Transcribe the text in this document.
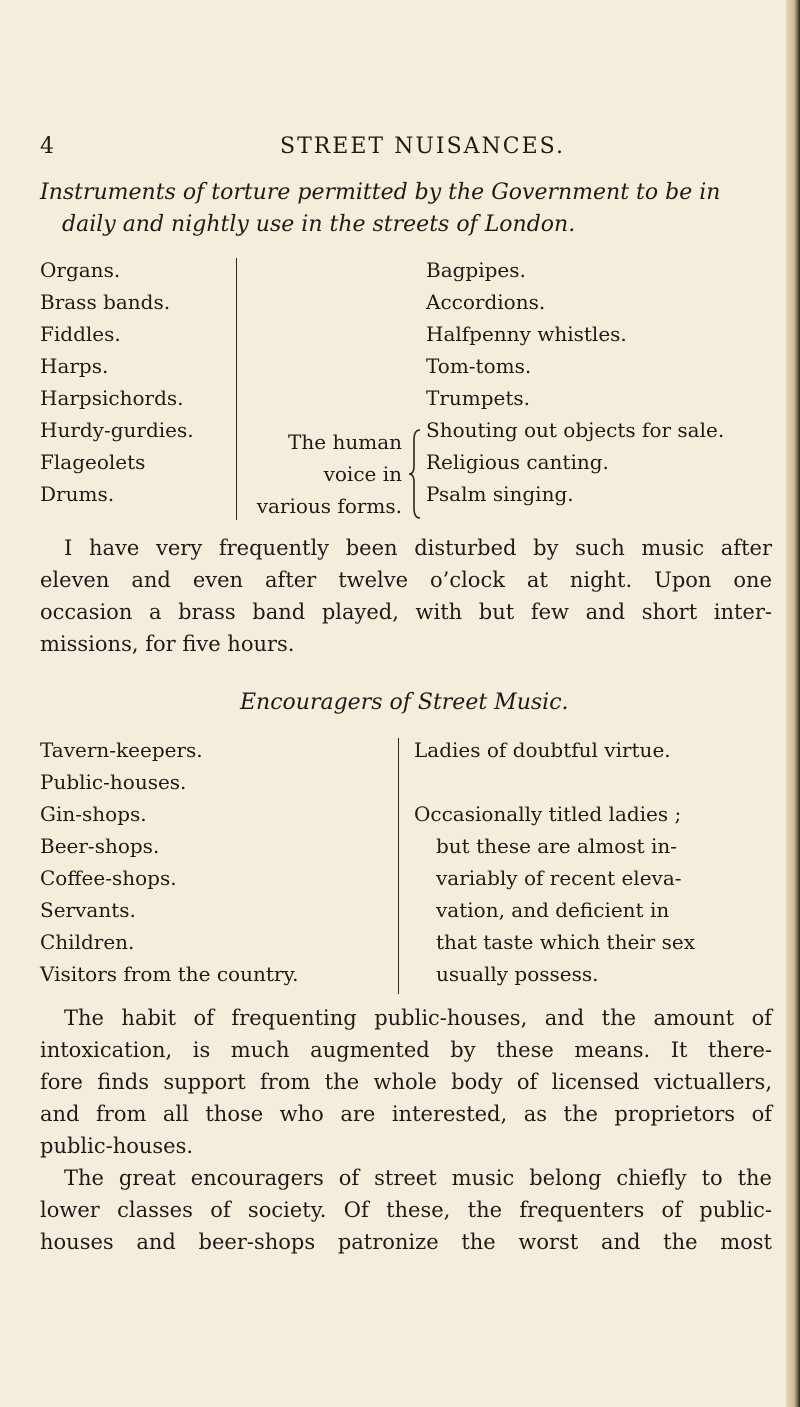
4	STREET NUISANCES.
Instruments of torture permitted by the Government to be in
daily and nightly use in the streets of London.
Organs.
Brass bands.
Fiddles.
Harps.
Harpsichords.
Hurdy-gurdies.
Flageolets
Drums.
The human
voice in
various forms.
Bagpipes.
Accordions.
Halfpenny whistles.
Tom-toms.
Trumpets.
Shouting out objects for sale.
Religious canting.
Psalm singing.
I have very frequently been disturbed by such music after
eleven and even after twelve o’clock at night. Upon one
occasion a brass band played, with but few and short inter-
missions, for five hours.
Encouragers of Street Music.
Tavern-keepers.
Public-houses.
Gin-shops.
Beer-shops.
Coffee-shops.
Servants.
Children.
Visitors from the country.
Ladies of doubtful virtue.
Occasionally titled ladies ;
but these are almost in-
variably of recent eleva-
vation, and deficient in
that taste which their sex
usually possess.
The habit of frequenting public-houses, and the amount of
intoxication, is much augmented by these means. It there-
fore finds support from the whole body of licensed victuallers,
and from all those who are interested, as the proprietors of
public-houses.
The great encouragers of street music belong chiefly to the
lower classes of society. Of these, the frequenters of public-
houses and beer-shops patronize the worst and the most
